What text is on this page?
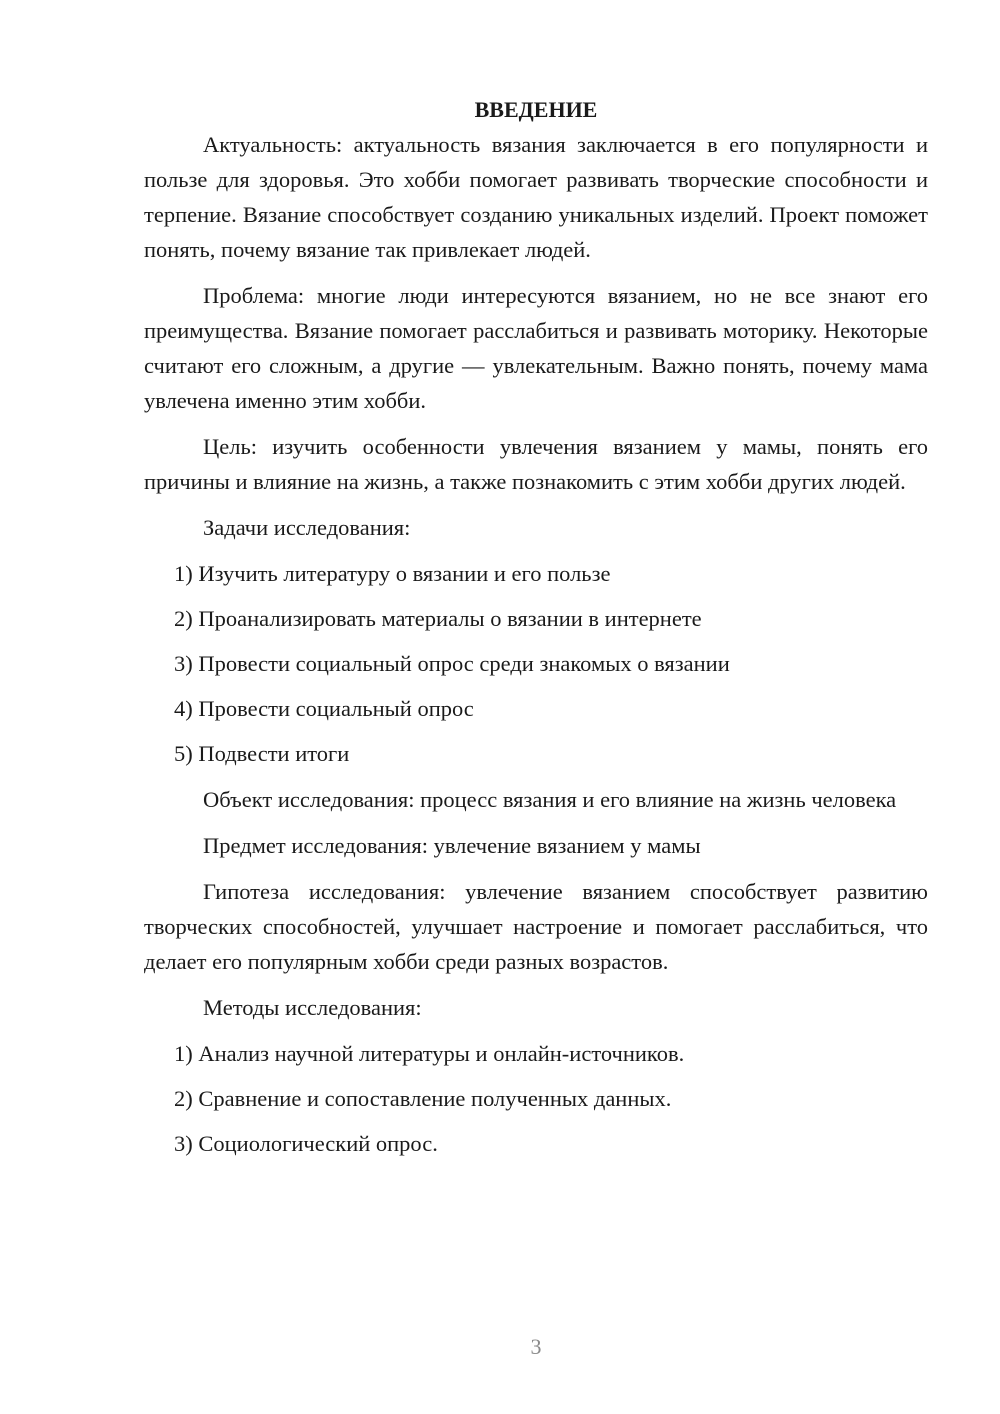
ВВЕДЕНИЕ

Актуальность: актуальность вязания заключается в его популярности и пользе для здоровья. Это хобби помогает развивать творческие способности и терпение. Вязание способствует созданию уникальных изделий. Проект поможет понять, почему вязание так привлекает людей.

Проблема: многие люди интересуются вязанием, но не все знают его преимущества. Вязание помогает расслабиться и развивать моторику. Некоторые считают его сложным, а другие — увлекательным. Важно понять, почему мама увлечена именно этим хобби.

Цель: изучить особенности увлечения вязанием у мамы, понять его причины и влияние на жизнь, а также познакомить с этим хобби других людей.

Задачи исследования:

1) Изучить литературу о вязании и его пользе
2) Проанализировать материалы о вязании в интернете
3) Провести социальный опрос среди знакомых о вязании
4) Провести социальный опрос
5) Подвести итоги

Объект исследования: процесс вязания и его влияние на жизнь человека

Предмет исследования: увлечение вязанием у мамы

Гипотеза исследования: увлечение вязанием способствует развитию творческих способностей, улучшает настроение и помогает расслабиться, что делает его популярным хобби среди разных возрастов.

Методы исследования:

1) Анализ научной литературы и онлайн-источников.
2) Сравнение и сопоставление полученных данных.
3) Социологический опрос.
3
